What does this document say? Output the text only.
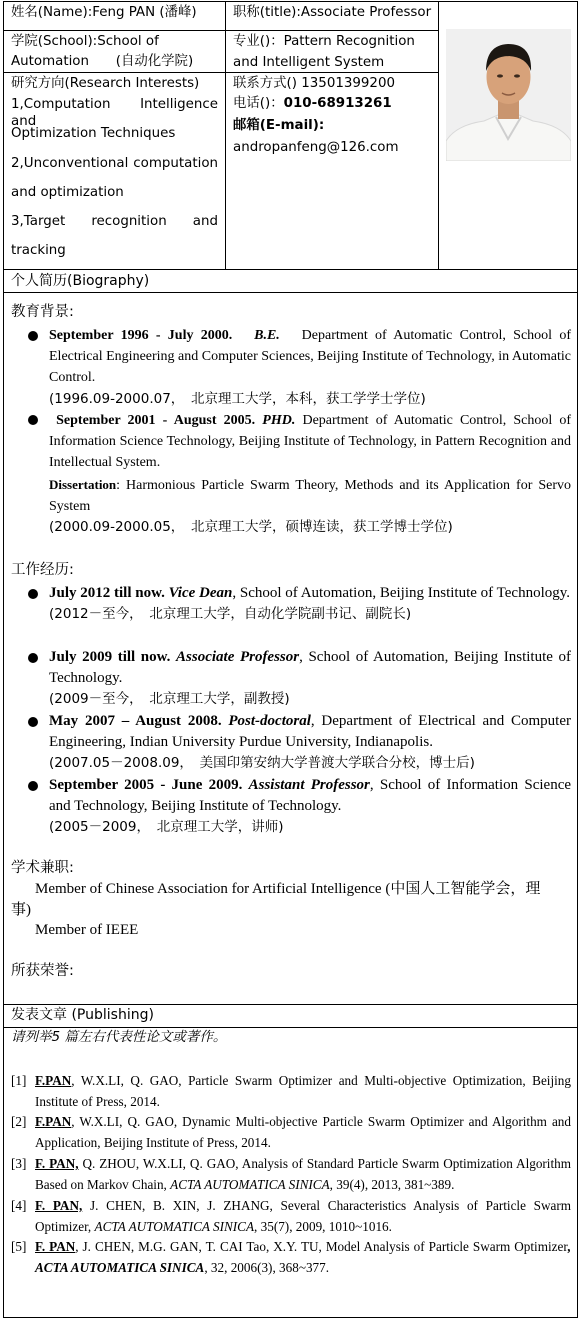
姓名(Name):Feng PAN (潘峰)	职称(title):Associate Professor
学院(School):School of
Automation　　(自动化学院)
专业()：Pattern Recognition
and Intelligent System
研究方向(Research Interests)
1,Computation Intelligence and
Optimization Techniques
2,Unconventional computation
and optimization
3,Target recognition and
tracking
联系方式() 13501399200
电话()：010-68913261
邮箱(E-mail):
andropanfeng@126.com
个人简历(Biography)
教育背景:
September 1996 - July 2000. B.E. Department of Automatic Control, School of Electrical Engineering and Computer Sciences, Beijing Institute of Technology, in Automatic Control.
(1996.09-2000.07，　北京理工大学，本科，获工学学士学位)
September 2001 - August 2005. PHD. Department of Automatic Control, School of Information Science Technology, Beijing Institute of Technology, in Pattern Recognition and Intellectual System.
Dissertation: Harmonious Particle Swarm Theory, Methods and its Application for Servo System
(2000.09-2000.05，　北京理工大学，硕博连读，获工学博士学位)
工作经历:
July 2012 till now. Vice Dean, School of Automation, Beijing Institute of Technology.
(2012－至今，　北京理工大学，自动化学院副书记、副院长)
July 2009 till now. Associate Professor, School of Automation, Beijing Institute of Technology.
(2009－至今，　北京理工大学，副教授)
May 2007 – August 2008. Post-doctoral, Department of Electrical and Computer Engineering, Indian University Purdue University, Indianapolis.
(2007.05－2008.09，　美国印第安纳大学普渡大学联合分校，博士后)
September 2005 - June 2009. Assistant Professor, School of Information Science and Technology, Beijing Institute of Technology.
(2005－2009，　北京理工大学，讲师)
学术兼职:
Member of Chinese Association for Artificial Intelligence (中国人工智能学会，理
事)
Member of IEEE
所获荣誉:
发表文章 (Publishing)
请列举5 篇左右代表性论文或著作。
[1] F.PAN, W.X.LI, Q. GAO, Particle Swarm Optimizer and Multi-objective Optimization, Beijing Institute of Press, 2014.
[2] F.PAN, W.X.LI, Q. GAO, Dynamic Multi-objective Particle Swarm Optimizer and Algorithm and Application, Beijing Institute of Press, 2014.
[3] F. PAN, Q. ZHOU, W.X.LI, Q. GAO, Analysis of Standard Particle Swarm Optimization Algorithm Based on Markov Chain, ACTA AUTOMATICA SINICA, 39(4), 2013, 381~389.
[4] F. PAN, J. CHEN, B. XIN, J. ZHANG, Several Characteristics Analysis of Particle Swarm Optimizer, ACTA AUTOMATICA SINICA, 35(7), 2009, 1010~1016.
[5] F. PAN, J. CHEN, M.G. GAN, T. CAI Tao, X.Y. TU, Model Analysis of Particle Swarm Optimizer, ACTA AUTOMATICA SINICA, 32, 2006(3), 368~377.
